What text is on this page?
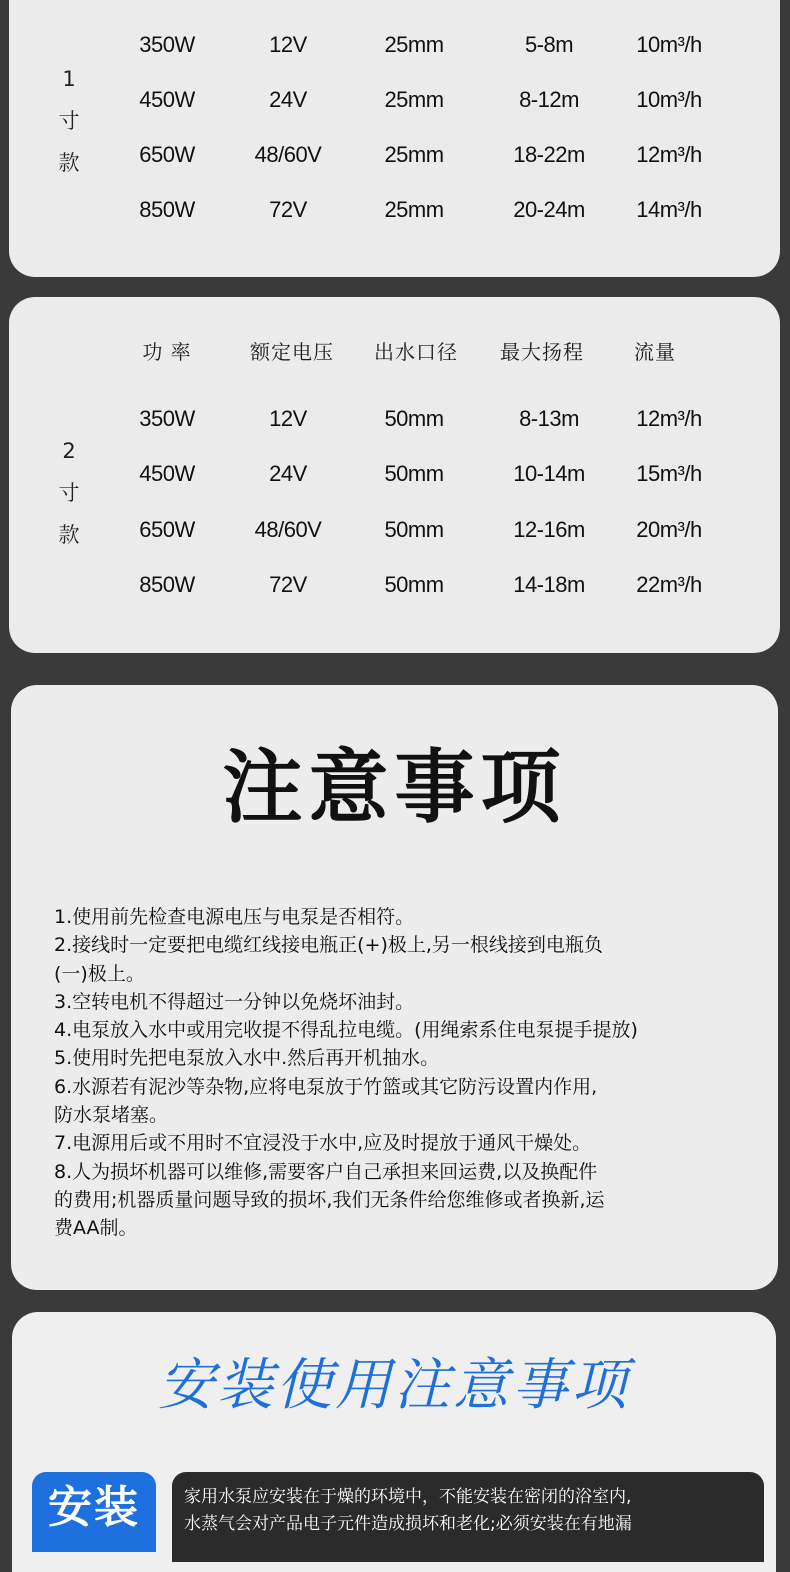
1
寸
款
350W	12V	25mm	5-8m	10m³/h
450W	24V	25mm	8-12m	10m³/h
650W	48/60V	25mm	18-22m	12m³/h
850W	72V	25mm	20-24m	14m³/h
2
寸
款
功 率	额定电压	出水口径	最大扬程	流量
350W	12V	50mm	8-13m	12m³/h
450W	24V	50mm	10-14m	15m³/h
650W	48/60V	50mm	12-16m	20m³/h
850W	72V	50mm	14-18m	22m³/h
注意事项
1.使用前先检查电源电压与电泵是否相符。
2.接线时一定要把电缆红线接电瓶正(+)极上,另一根线接到电瓶负
(一)极上。
3.空转电机不得超过一分钟以免烧坏油封。
4.电泵放入水中或用完收提不得乱拉电缆。(用绳索系住电泵提手提放)
5.使用时先把电泵放入水中.然后再开机抽水。
6.水源若有泥沙等杂物,应将电泵放于竹篮或其它防污设置内作用,
防水泵堵塞。
7.电源用后或不用时不宜浸没于水中,应及时提放于通风干燥处。
8.人为损坏机器可以维修,需要客户自己承担来回运费,以及换配件
的费用;机器质量问题导致的损坏,我们无条件给您维修或者换新,运
费AA制。
安装使用注意事项
安装	家用水泵应安装在于燥的环境中，不能安装在密闭的浴室内,
水蒸气会对产品电子元件造成损坏和老化;必须安装在有地漏
